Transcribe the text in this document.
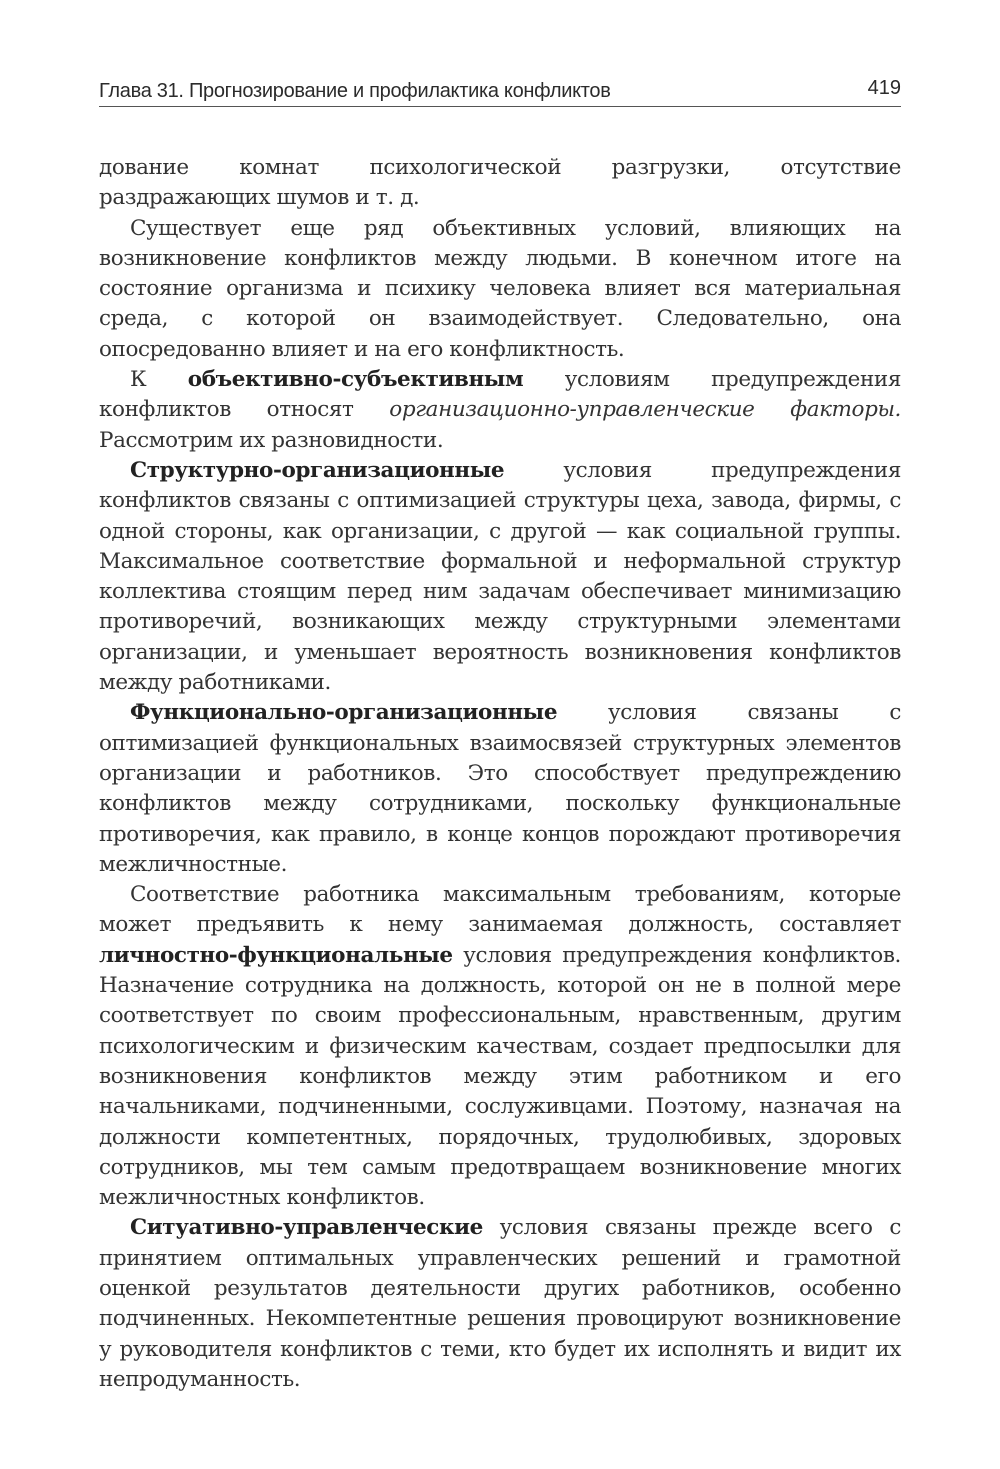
Глава 31. Прогнозирование и профилактика конфликтов	419

дование комнат психологической разгрузки, отсутствие раздражающих шумов и т. д.

Существует еще ряд объективных условий, влияющих на возникновение конфликтов между людьми. В конечном итоге на состояние организма и психику человека влияет вся материальная среда, с которой он взаимодействует. Следовательно, она опосредованно влияет и на его конфликтность.

К объективно-субъективным условиям предупреждения конфликтов относят организационно-управленческие факторы. Рассмотрим их разновидности.

Структурно-организационные условия предупреждения конфликтов связаны с оптимизацией структуры цеха, завода, фирмы, с одной стороны, как организации, с другой — как социальной группы. Максимальное соответствие формальной и неформальной структур коллектива стоящим перед ним задачам обеспечивает минимизацию противоречий, возникающих между структурными элементами организации, и уменьшает вероятность возникновения конфликтов между работниками.

Функционально-организационные условия связаны с оптимизацией функциональных взаимосвязей структурных элементов организации и работников. Это способствует предупреждению конфликтов между сотрудниками, поскольку функциональные противоречия, как правило, в конце концов порождают противоречия межличностные.

Соответствие работника максимальным требованиям, которые может предъявить к нему занимаемая должность, составляет личностно-функциональные условия предупреждения конфликтов. Назначение сотрудника на должность, которой он не в полной мере соответствует по своим профессиональным, нравственным, другим психологическим и физическим качествам, создает предпосылки для возникновения конфликтов между этим работником и его начальниками, подчиненными, сослуживцами. Поэтому, назначая на должности компетентных, порядочных, трудолюбивых, здоровых сотрудников, мы тем самым предотвращаем возникновение многих межличностных конфликтов.

Ситуативно-управленческие условия связаны прежде всего с принятием оптимальных управленческих решений и грамотной оценкой результатов деятельности других работников, особенно подчиненных. Некомпетентные решения провоцируют возникновение у руководителя конфликтов с теми, кто будет их исполнять и видит их непродуманность.
